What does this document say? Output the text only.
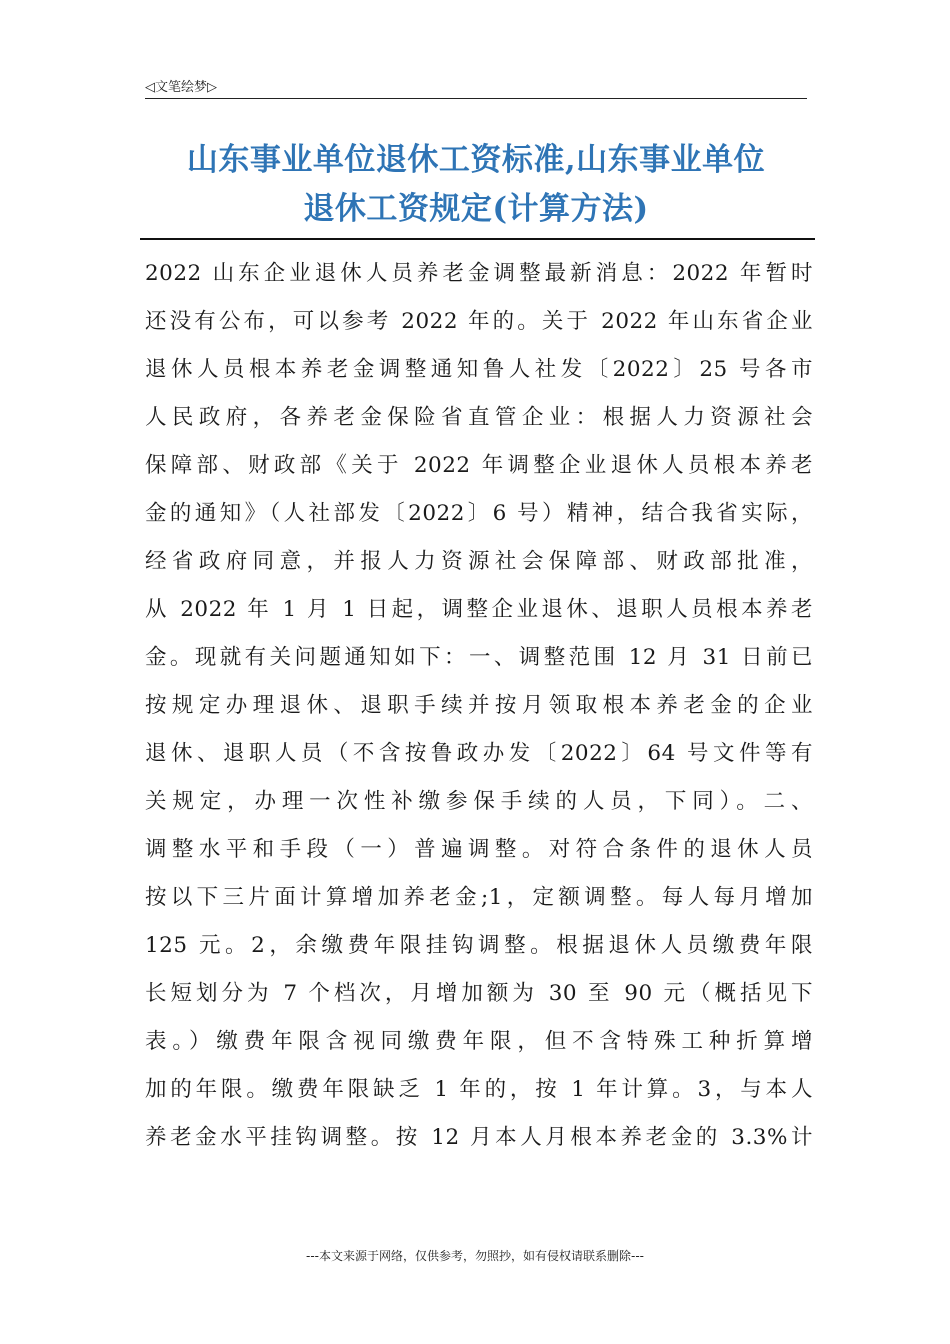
◁文笔绘梦▷
山东事业单位退休工资标准,山东事业单位
退休工资规定(计算方法)
2022 山东企业退休人员养老金调整最新消息：2022 年暂时
还没有公布，可以参考 2022 年的。关于 2022 年山东省企业
退休人员根本养老金调整通知鲁人社发〔2022〕25 号各市
人民政府，各养老金保险省直管企业：根据人力资源社会
保障部、财政部《关于 2022 年调整企业退休人员根本养老
金的通知》（人社部发〔2022〕6 号）精神，结合我省实际，
经省政府同意，并报人力资源社会保障部、财政部批准，
从 2022 年 1 月 1 日起，调整企业退休、退职人员根本养老
金。现就有关问题通知如下：一、调整范围 12 月 31 日前已
按规定办理退休、退职手续并按月领取根本养老金的企业
退休、退职人员（不含按鲁政办发〔2022〕64 号文件等有
关规定，办理一次性补缴参保手续的人员，下同）。二、
调整水平和手段（一）普遍调整。对符合条件的退休人员
按以下三片面计算增加养老金;1，定额调整。每人每月增加
125 元。2，余缴费年限挂钩调整。根据退休人员缴费年限
长短划分为 7 个档次，月增加额为 30 至 90 元（概括见下
表。）缴费年限含视同缴费年限，但不含特殊工种折算增
加的年限。缴费年限缺乏 1 年的，按 1 年计算。3，与本人
养老金水平挂钩调整。按 12 月本人月根本养老金的 3.3%计
---本文来源于网络，仅供参考，勿照抄，如有侵权请联系删除---
